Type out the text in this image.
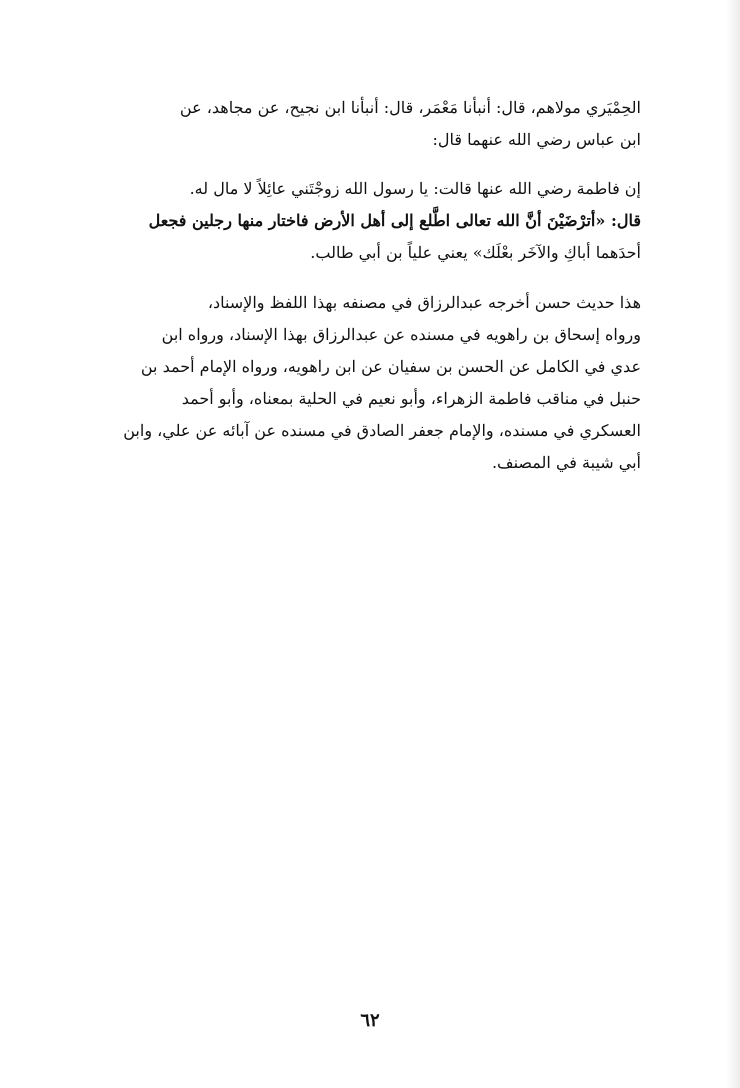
الحِمْيَري مولاهم، قال: أنبأنا مَعْمَر، قال: أنبأنا ابن نجيح، عن مجاهد، عن
ابن عباس رضي الله عنهما قال:
إن فاطمة رضي الله عنها قالت: يا رسول الله زوجْتَني عائِلاً لا مال له.
قال: «أترْضَيْنَ أنَّ الله تعالى اطَّلع إلى أهل الأرض فاختار منها رجلين فجعل
أحدَهما أباكِ والآخَر بعْلَك» يعني علياً بن أبي طالب.
هذا حديث حسن أخرجه عبدالرزاق في مصنفه بهذا اللفظ والإسناد،
ورواه إسحاق بن راهويه في مسنده عن عبدالرزاق بهذا الإسناد، ورواه ابن
عدي في الكامل عن الحسن بن سفيان عن ابن راهويه، ورواه الإمام أحمد بن
حنبل في مناقب فاطمة الزهراء، وأبو نعيم في الحلية بمعناه، وأبو أحمد
العسكري في مسنده، والإمام جعفر الصادق في مسنده عن آبائه عن علي، وابن
أبي شيبة في المصنف.
٦٢
